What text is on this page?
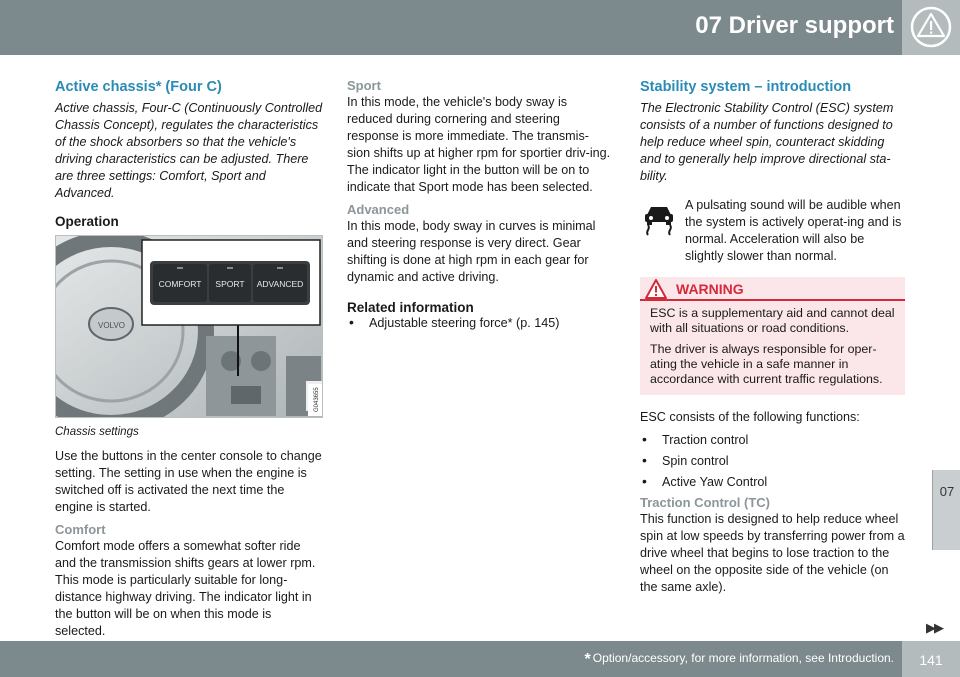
07 Driver support
Active chassis* (Four C)

Active chassis, Four-C (Continuously Controlled Chassis Concept), regulates the characteristics of the shock absorbers so that the vehicle's driving characteristics can be adjusted. There are three settings: Comfort, Sport and Advanced.

Operation
VOLVO
COMFORT SPORT ADVANCED
G043655

Chassis settings

Use the buttons in the center console to change setting. The setting in use when the engine is switched off is activated the next time the engine is started.

Comfort

Comfort mode offers a somewhat softer ride and the transmission shifts gears at lower rpm. This mode is particularly suitable for long-distance highway driving. The indicator light in the button will be on when this mode is selected.

Sport

In this mode, the vehicle's body sway is reduced during cornering and steering response is more immediate. The transmis-sion shifts up at higher rpm for sportier driv-ing. The indicator light in the button will be on to indicate that Sport mode has been selected.

Advanced

In this mode, body sway in curves is minimal and steering response is very direct. Gear shifting is done at high rpm in each gear for dynamic and active driving.

Related information
• Adjustable steering force* (p. 145)
Stability system – introduction

The Electronic Stability Control (ESC) system consists of a number of functions designed to help reduce wheel spin, counteract skidding and to generally help improve directional sta-bility.

A pulsating sound will be audible when the system is actively operat-ing and is normal. Acceleration will also be slightly slower than normal.
WARNING

ESC is a supplementary aid and cannot deal with all situations or road conditions.

The driver is always responsible for oper-ating the vehicle in a safe manner in accordance with current traffic regulations.

ESC consists of the following functions:

• Traction control
• Spin control
• Active Yaw Control
Traction Control (TC)

This function is designed to help reduce wheel spin at low speeds by transferring power from a drive wheel that begins to lose traction to the wheel on the opposite side of the vehicle (on the same axle).

07
▶▶
* Option/accessory, for more information, see Introduction.	141
